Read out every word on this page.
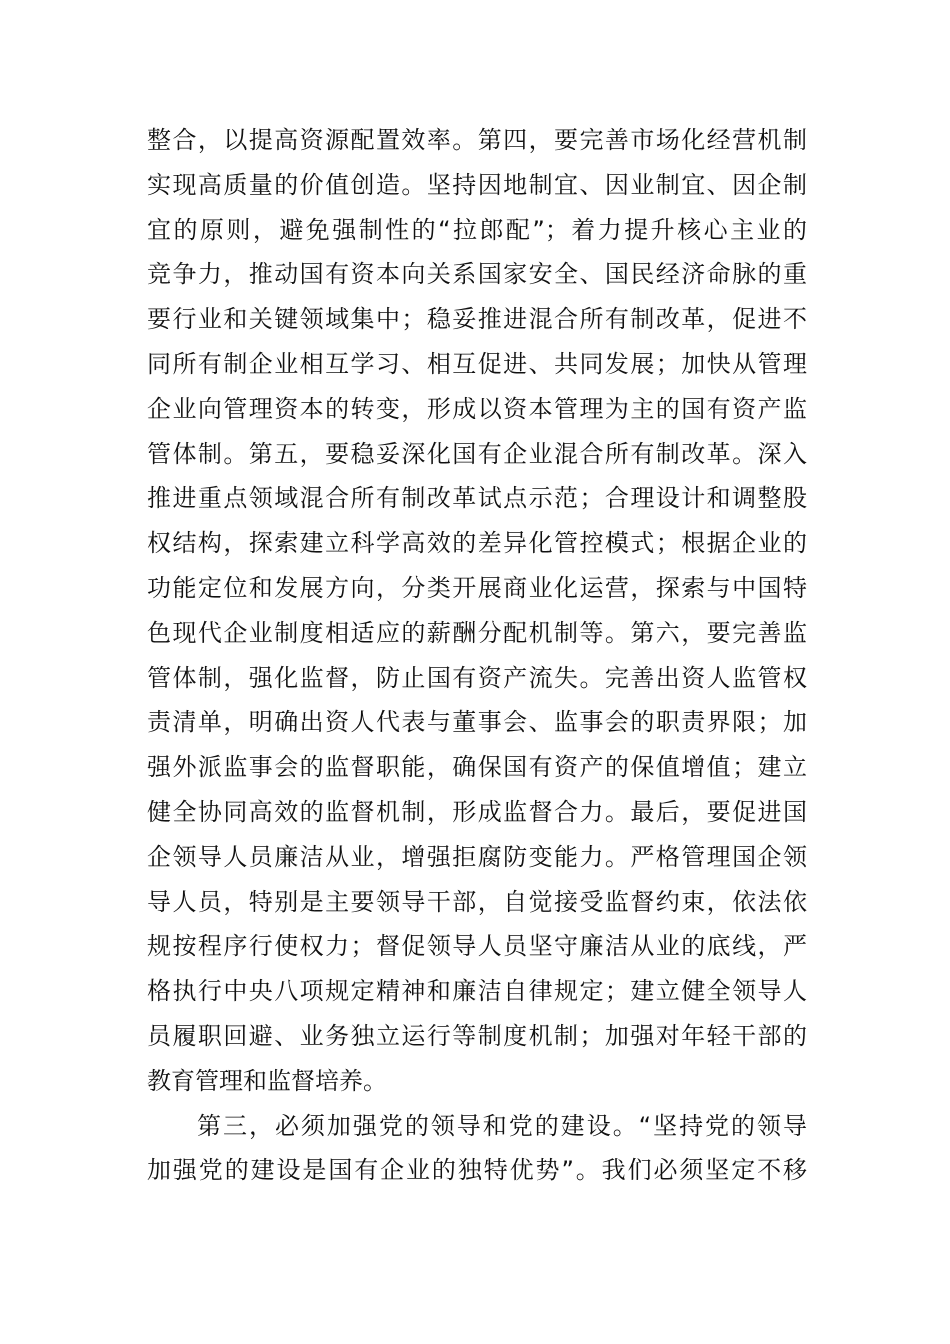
整合，以提高资源配置效率。第四，要完善市场化经营机制
实现高质量的价值创造。坚持因地制宜、因业制宜、因企制
宜的原则，避免强制性的“拉郎配”；着力提升核心主业的
竞争力，推动国有资本向关系国家安全、国民经济命脉的重
要行业和关键领域集中；稳妥推进混合所有制改革，促进不
同所有制企业相互学习、相互促进、共同发展；加快从管理
企业向管理资本的转变，形成以资本管理为主的国有资产监
管体制。第五，要稳妥深化国有企业混合所有制改革。深入
推进重点领域混合所有制改革试点示范；合理设计和调整股
权结构，探索建立科学高效的差异化管控模式；根据企业的
功能定位和发展方向，分类开展商业化运营，探索与中国特
色现代企业制度相适应的薪酬分配机制等。第六，要完善监
管体制，强化监督，防止国有资产流失。完善出资人监管权
责清单，明确出资人代表与董事会、监事会的职责界限；加
强外派监事会的监督职能，确保国有资产的保值增值；建立
健全协同高效的监督机制，形成监督合力。最后，要促进国
企领导人员廉洁从业，增强拒腐防变能力。严格管理国企领
导人员，特别是主要领导干部，自觉接受监督约束，依法依
规按程序行使权力；督促领导人员坚守廉洁从业的底线，严
格执行中央八项规定精神和廉洁自律规定；建立健全领导人
员履职回避、业务独立运行等制度机制；加强对年轻干部的
教育管理和监督培养。
第三，必须加强党的领导和党的建设。“坚持党的领导
加强党的建设是国有企业的独特优势”。我们必须坚定不移
